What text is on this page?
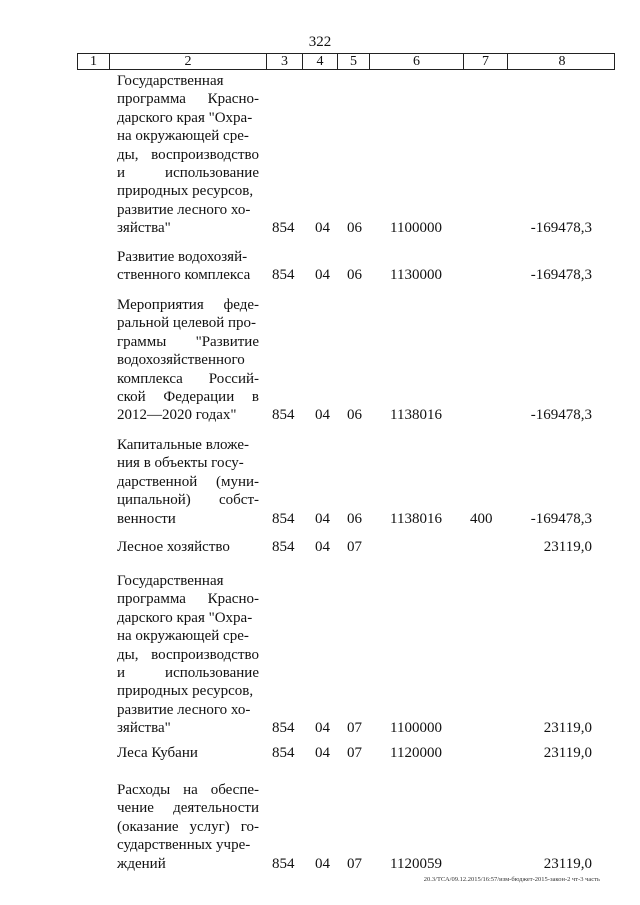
322
1	2	3	4	5	6	7	8
Государственная
программа Красно-
дарского края "Охра-
на окружающей сре-
ды, воспроизводство
и использование
природных ресурсов,
развитие лесного хо-
зяйства"	854 04 06 1100000	-169478,3
Развитие водохозяй-
ственного комплекса	854 04 06 1130000	-169478,3
Мероприятия феде-
ральной целевой про-
граммы "Развитие
водохозяйственного
комплекса Россий-
ской Федерации в
2012—2020 годах"	854 04 06 1138016	-169478,3
Капитальные вложе-
ния в объекты госу-
дарственной (муни-
ципальной) собст-
венности	854 04 06 1138016 400	-169478,3
Лесное хозяйство	854 04 07	23119,0
Государственная
программа Красно-
дарского края "Охра-
на окружающей сре-
ды, воспроизводство
и использование
природных ресурсов,
развитие лесного хо-
зяйства"	854 04 07 1100000	23119,0
Леса Кубани	854 04 07 1120000	23119,0
Расходы на обеспе-
чение деятельности
(оказание услуг) го-
сударственных учре-
ждений	854 04 07 1120059	23119,0
20.3/ТСА/09.12.2015/16:57/изм-бюджет-2015-закон-2 чт-3 часть
